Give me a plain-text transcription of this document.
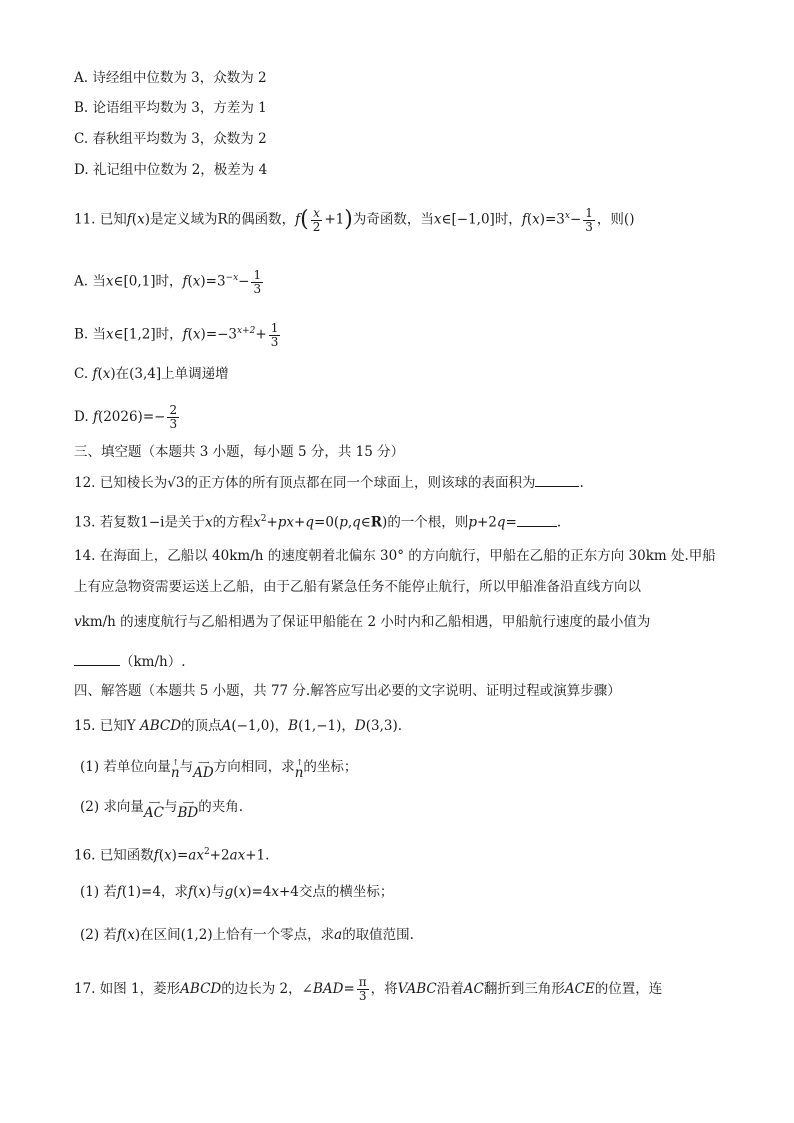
A. 诗经组中位数为 3，众数为 2
B. 论语组平均数为 3，方差为 1
C. 春秋组平均数为 3，众数为 2
D. 礼记组中位数为 2，极差为 4
11. 已知f(x)是定义域为R的偶函数，$f( \frac{x}{2} +1)$为奇函数，当x∈[−1,0]时，$f(x)=3^x- \frac{1}{3}$ ，则()
A. 当x∈[0,1]时，$f(x)=3^{-x}- \frac{1}{3}$
B. 当x∈[1,2]时，$f(x)=-3^{x+2}+ \frac{1}{3}$
C. f(x)在(3,4]上单调递增
D. $f(2026)=- \frac{2}{3}$
三、填空题（本题共 3 小题，每小题 5 分，共 15 分）
12. 已知棱长为√3的正方体的所有顶点都在同一个球面上，则该球的表面积为	.
13. 若复数1−i是关于x的方程$x^2+px+q=0(p,q\in R)$的一个根，则p+2q=	.
14. 在海面上，乙船以 40km/h 的速度朝着北偏东 30° 的方向航行，甲船在乙船的正东方向 30km 处.甲船
上有应急物资需要运送上乙船，由于乙船有紧急任务不能停止航行，所以甲船准备沿直线方向以
vkm/h 的速度航行与乙船相遇为了保证甲船能在 2 小时内和乙船相遇，甲船航行速度的最小值为
（km/h）.
四、解答题（本题共 5 小题，共 77 分.解答应写出必要的文字说明、证明过程或演算步骤）
15. 已知Y ABCD的顶点A(−1,0)，B(1,−1)，D(3,3).
(1) 若单位向量 ↑
n与 ⟶
AD方向相同，求 ↑
n的坐标；
(2) 求向量 ⟶
AC与 ⟶
BD的夹角.
16. 已知函数$f(x)=ax^2+2ax+1$.
(1) 若f(1)=4，求f(x)与g(x)=4x+4交点的横坐标；
(2) 若f(x)在区间(1,2)上恰有一个零点，求a的取值范围.
17. 如图 1，菱形ABCD的边长为 2，∠BAD= $\frac{\pi}{3}$ ，将VABC沿着AC翻折到三角形ACE的位置，连
